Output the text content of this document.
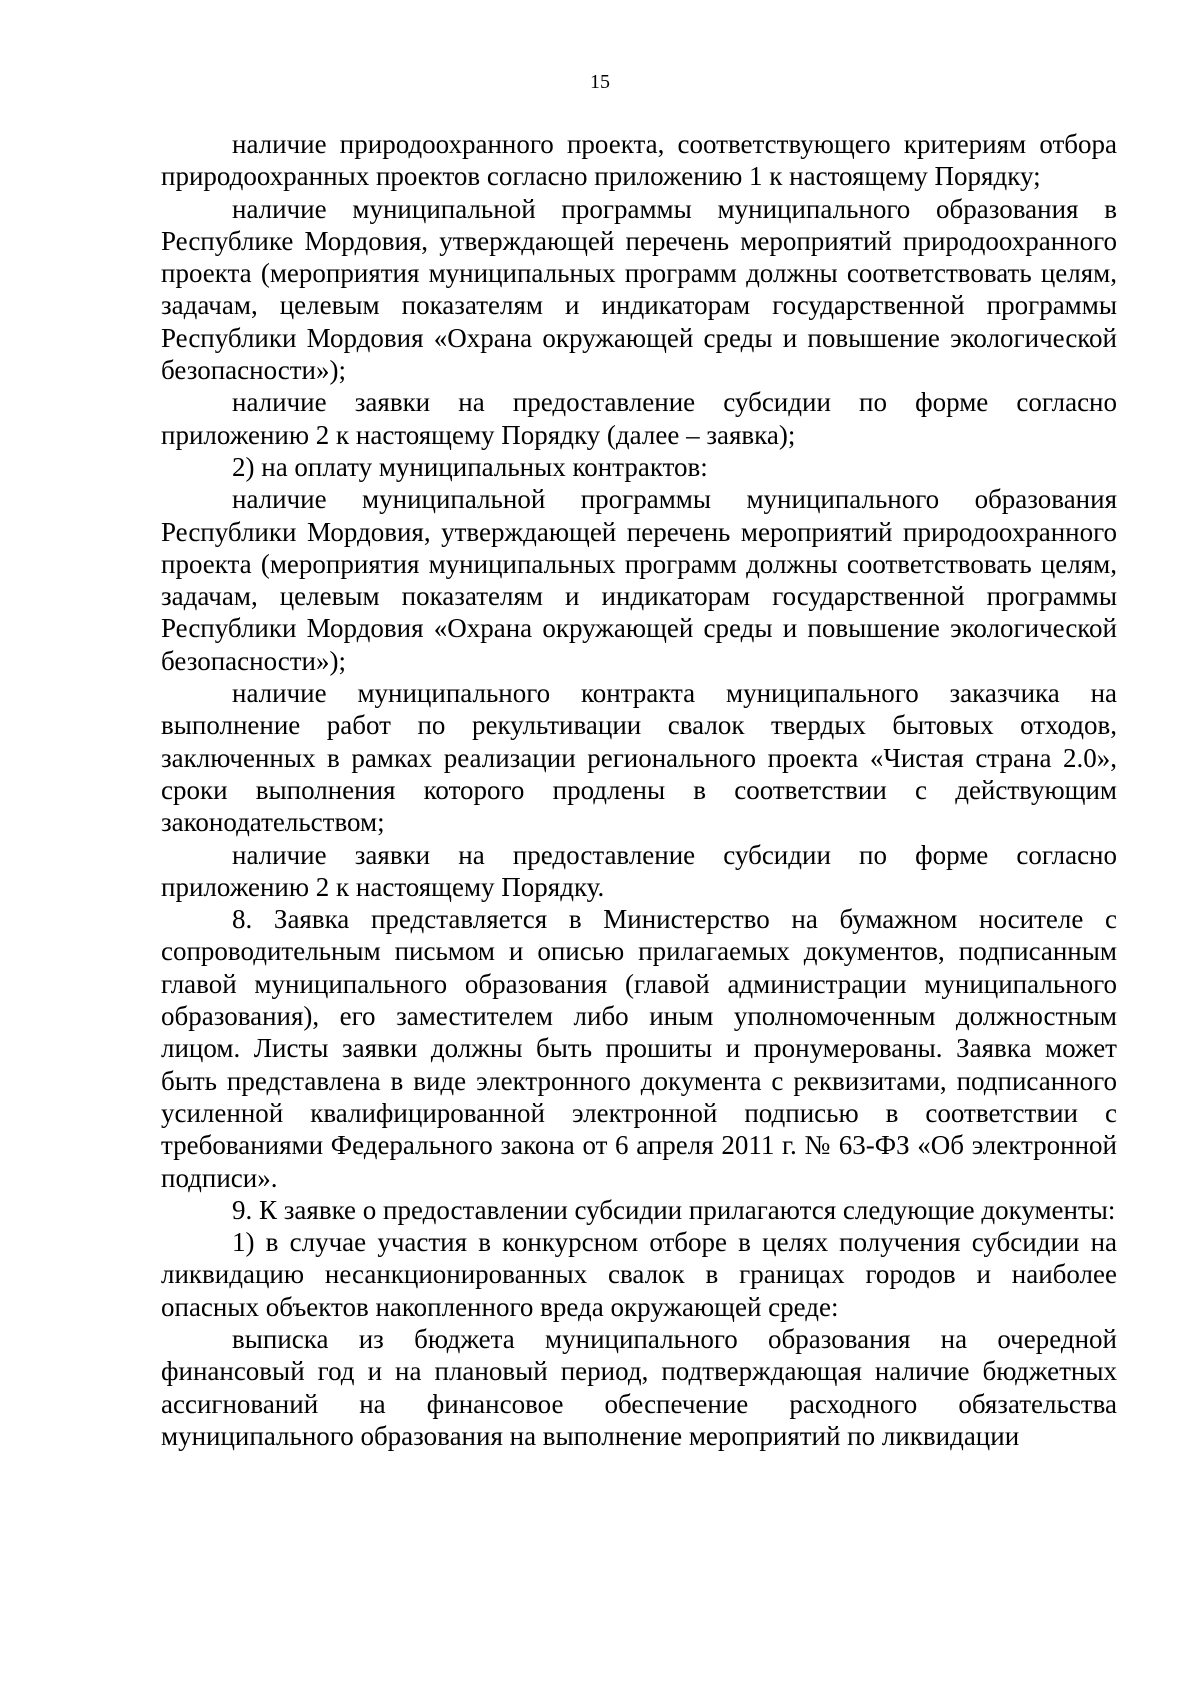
15

наличие природоохранного проекта, соответствующего критериям отбора природоохранных проектов согласно приложению 1 к настоящему Порядку;

наличие муниципальной программы муниципального образования в Республике Мордовия, утверждающей перечень мероприятий природоохранного проекта (мероприятия муниципальных программ должны соответствовать целям, задачам, целевым показателям и индикаторам государственной программы Республики Мордовия «Охрана окружающей среды и повышение экологической безопасности»);

наличие заявки на предоставление субсидии по форме согласно приложению 2 к настоящему Порядку (далее – заявка);

2) на оплату муниципальных контрактов:

наличие муниципальной программы муниципального образования Республики Мордовия, утверждающей перечень мероприятий природоохранного проекта (мероприятия муниципальных программ должны соответствовать целям, задачам, целевым показателям и индикаторам государственной программы Республики Мордовия «Охрана окружающей среды и повышение экологической безопасности»);

наличие муниципального контракта муниципального заказчика на выполнение работ по рекультивации свалок твердых бытовых отходов, заключенных в рамках реализации регионального проекта «Чистая страна 2.0», сроки выполнения которого продлены в соответствии с действующим законодательством;

наличие заявки на предоставление субсидии по форме согласно приложению 2 к настоящему Порядку.

8. Заявка представляется в Министерство на бумажном носителе с сопроводительным письмом и описью прилагаемых документов, подписанным главой муниципального образования (главой администрации муниципального образования), его заместителем либо иным уполномоченным должностным лицом. Листы заявки должны быть прошиты и пронумерованы. Заявка может быть представлена в виде электронного документа с реквизитами, подписанного усиленной квалифицированной электронной подписью в соответствии с требованиями Федерального закона от 6 апреля 2011 г. № 63-ФЗ «Об электронной подписи».

9. К заявке о предоставлении субсидии прилагаются следующие документы:

1) в случае участия в конкурсном отборе в целях получения субсидии на ликвидацию несанкционированных свалок в границах городов и наиболее опасных объектов накопленного вреда окружающей среде:

выписка из бюджета муниципального образования на очередной финансовый год и на плановый период, подтверждающая наличие бюджетных ассигнований на финансовое обеспечение расходного обязательства муниципального образования на выполнение мероприятий по ликвидации
